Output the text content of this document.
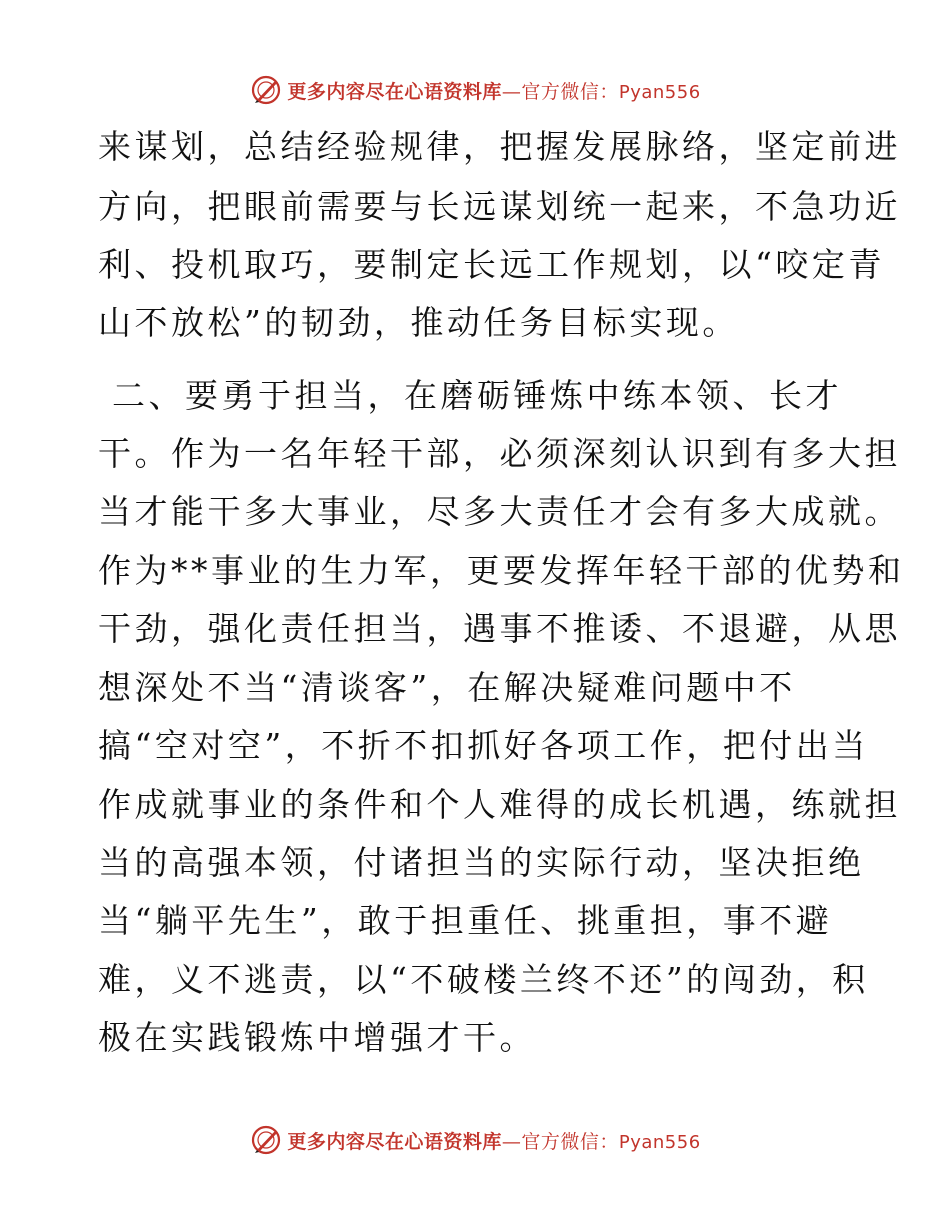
更多内容尽在心语资料库—官方微信：Pyan556
来谋划，总结经验规律，把握发展脉络，坚定前进
方向，把眼前需要与长远谋划统一起来，不急功近
利、投机取巧，要制定长远工作规划，以“咬定青
山不放松”的韧劲，推动任务目标实现。
二、要勇于担当，在磨砺锤炼中练本领、长才
干。作为一名年轻干部，必须深刻认识到有多大担
当才能干多大事业，尽多大责任才会有多大成就。
作为**事业的生力军，更要发挥年轻干部的优势和
干劲，强化责任担当，遇事不推诿、不退避，从思
想深处不当“清谈客”，在解决疑难问题中不
搞“空对空”，不折不扣抓好各项工作，把付出当
作成就事业的条件和个人难得的成长机遇，练就担
当的高强本领，付诸担当的实际行动，坚决拒绝
当“躺平先生”，敢于担重任、挑重担，事不避
难，义不逃责，以“不破楼兰终不还”的闯劲，积
极在实践锻炼中增强才干。
更多内容尽在心语资料库—官方微信：Pyan556
